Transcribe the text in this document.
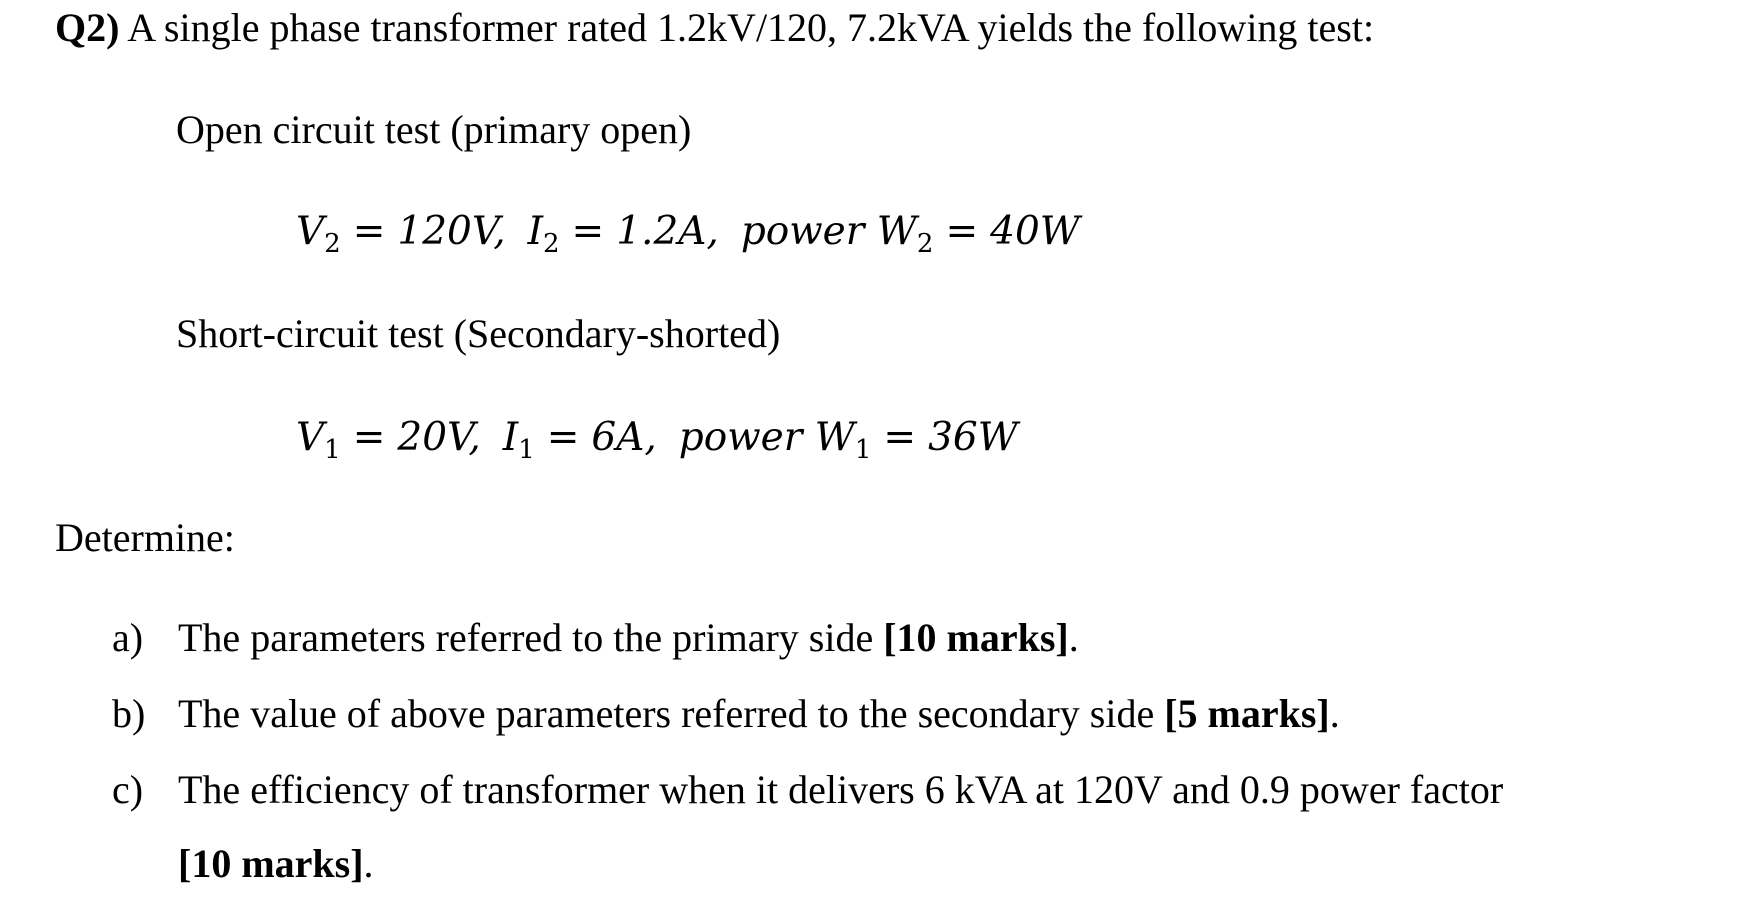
Q2) A single phase transformer rated 1.2kV/120, 7.2kVA yields the following test:
Open circuit test (primary open)
$V_2 = 120V$, $I_2 = 1.2A$, power $W_2 = 40W$
Short-circuit test (Secondary-shorted)
$V_1 = 20V$, $I_1 = 6A$, power $W_1 = 36W$
Determine:
a) The parameters referred to the primary side [10 marks].
b) The value of above parameters referred to the secondary side [5 marks].
c) The efficiency of transformer when it delivers 6 kVA at 120V and 0.9 power factor
[10 marks].
